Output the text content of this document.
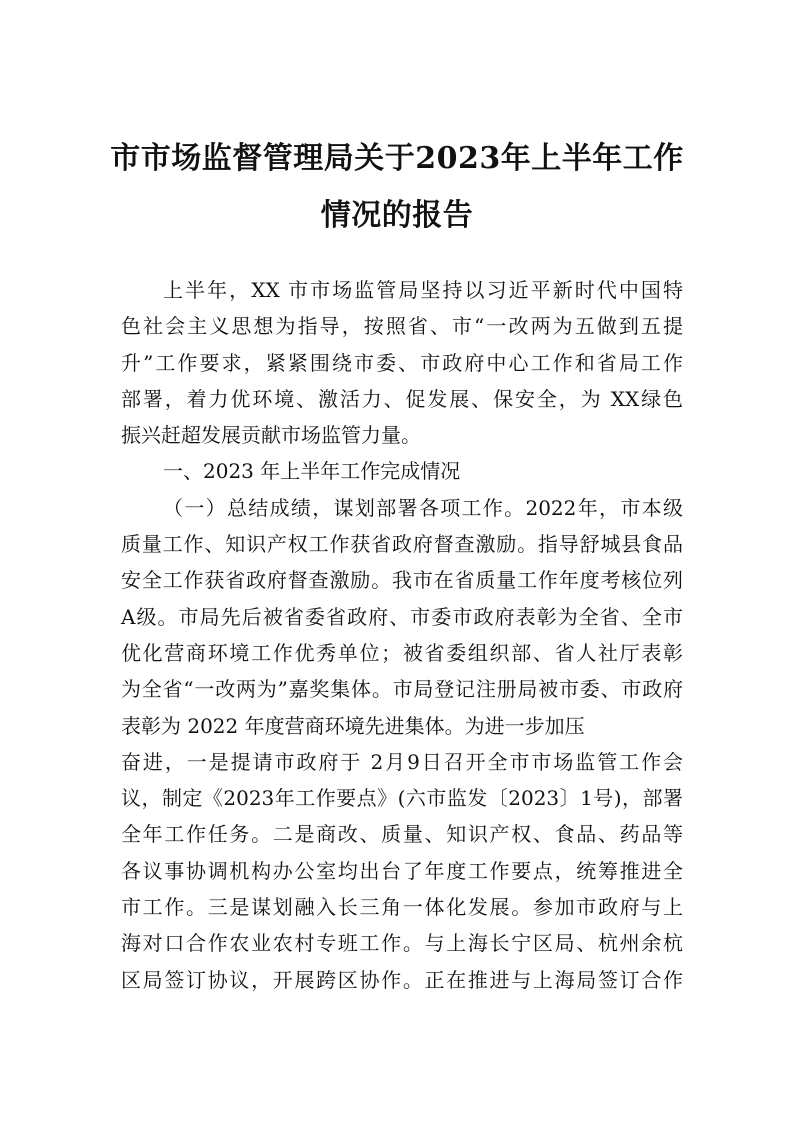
市市场监督管理局关于2023年上半年工作
情况的报告
上半年，XX 市市场监管局坚持以习近平新时代中国特
色社会主义思想为指导，按照省、市“一改两为五做到五提
升”工作要求，紧紧围绕市委、市政府中心工作和省局工作
部署，着力优环境、激活力、促发展、保安全，为 XX绿色
振兴赶超发展贡献市场监管力量。
一、2023 年上半年工作完成情况
（一）总结成绩，谋划部署各项工作。2022年，市本级
质量工作、知识产权工作获省政府督查激励。指导舒城县食品
安全工作获省政府督查激励。我市在省质量工作年度考核位列
A级。市局先后被省委省政府、市委市政府表彰为全省、全市
优化营商环境工作优秀单位；被省委组织部、省人社厅表彰
为全省“一改两为”嘉奖集体。市局登记注册局被市委、市政府
表彰为 2022 年度营商环境先进集体。为进一步加压
奋进，一是提请市政府于 2月9日召开全市市场监管工作会
议，制定《2023年工作要点》(六市监发〔2023〕1号)，部署
全年工作任务。二是商改、质量、知识产权、食品、药品等
各议事协调机构办公室均出台了年度工作要点，统筹推进全
市工作。三是谋划融入长三角一体化发展。参加市政府与上
海对口合作农业农村专班工作。与上海长宁区局、杭州余杭
区局签订协议，开展跨区协作。正在推进与上海局签订合作
